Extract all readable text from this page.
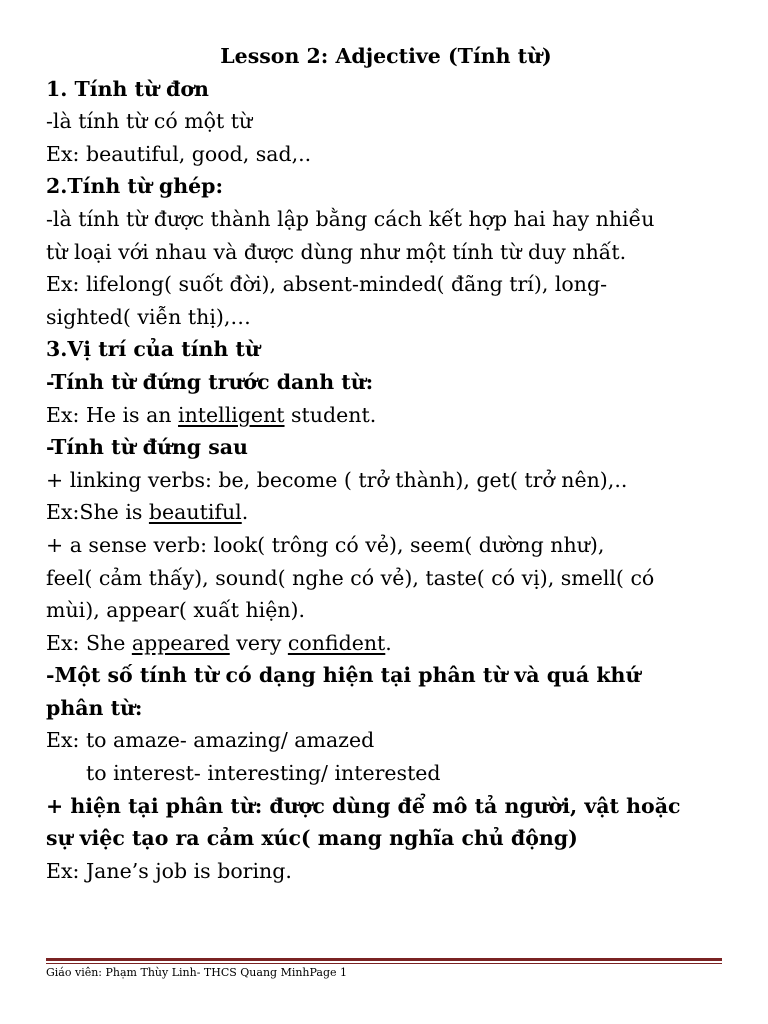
Lesson 2: Adjective (Tính từ)
1. Tính từ đơn
-là tính từ có một từ
Ex: beautiful, good, sad,..
2.Tính từ ghép:
-là tính từ được thành lập bằng cách kết hợp hai hay nhiều
từ loại với nhau và được dùng như một tính từ duy nhất.
Ex: lifelong( suốt đời), absent-minded( đãng trí), long-
sighted( viễn thị),…
3.Vị trí của tính từ
-Tính từ đứng trước danh từ:
Ex: He is an intelligent student.
-Tính từ đứng sau
+ linking verbs: be, become ( trở thành), get( trở nên),..
Ex:She is beautiful.
+ a sense verb: look( trông có vẻ), seem( dường như),
feel( cảm thấy), sound( nghe có vẻ), taste( có vị), smell( có
mùi), appear( xuất hiện).
Ex: She appeared very confident.
-Một số tính từ có dạng hiện tại phân từ và quá khứ
phân từ:
Ex: to amaze- amazing/ amazed
to interest- interesting/ interested
+ hiện tại phân từ: được dùng để mô tả người, vật hoặc
sự việc tạo ra cảm xúc( mang nghĩa chủ động)
Ex: Jane’s job is boring.
Giáo viên: Phạm Thùy Linh- THCS Quang MinhPage 1
